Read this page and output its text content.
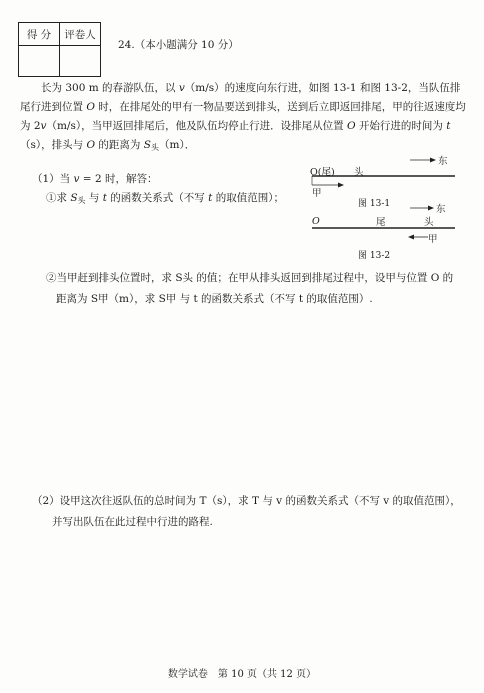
得 分	评卷人

24.（本小题满分 10 分）

长为 300 m 的春游队伍，以 v（m/s）的速度向东行进，如图 13-1 和图 13-2，当队伍排尾行进到位置 O 时，在排尾处的甲有一物品要送到排头，送到后立即返回排尾，甲的往返速度均为 2v（m/s），当甲返回排尾后，他及队伍均停止行进．设排尾从位置 O 开始行进的时间为 t（s），排头与 O 的距离为 $S_头(m)$．

（1）当 v = 2 时，解答：
①求 $S_头$ 与 t 的函数关系式（不写 t 的取值范围）；
东
O(尾) 头
甲
图 13-1	东
O	尾	头
甲
图 13-2
②当甲赶到排头位置时，求 S头 的值；在甲从排头返回到排尾过程中，设甲与位置 O 的
距离为 S甲（m），求 S甲 与 t 的函数关系式（不写 t 的取值范围）.
（2）设甲这次往返队伍的总时间为 T（s），求 T 与 v 的函数关系式（不写 v 的取值范围），
并写出队伍在此过程中行进的路程.
数学试卷　第 10 页（共 12 页）
